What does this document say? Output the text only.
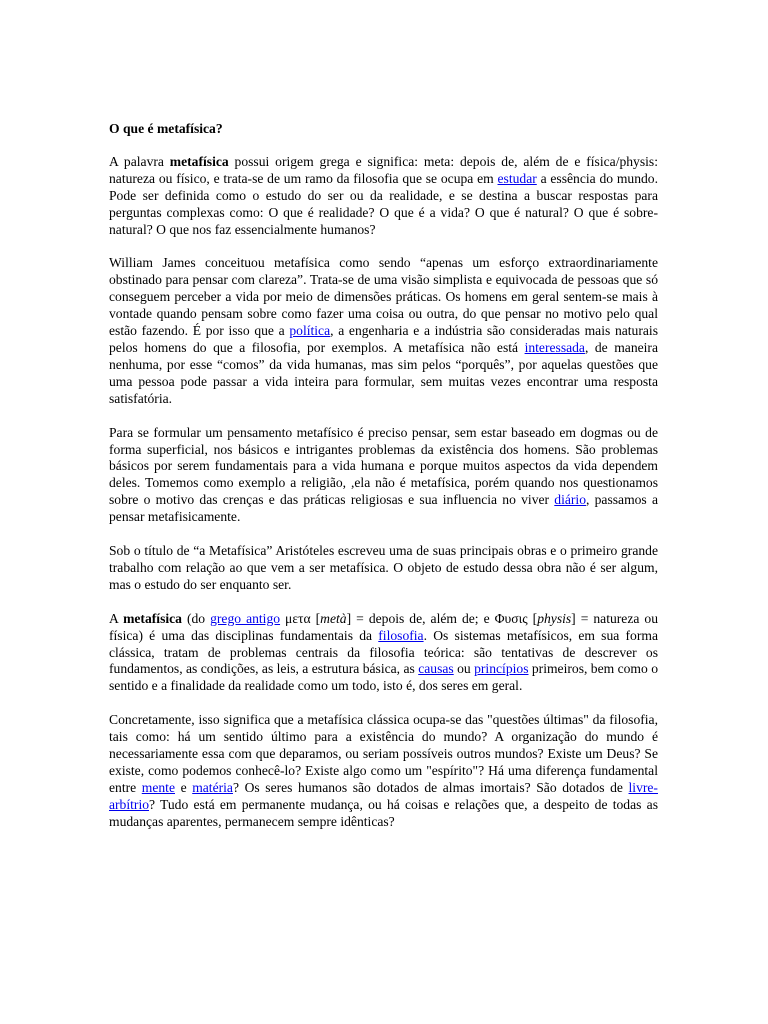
O que é metafísica?
A palavra metafísica possui origem grega e significa: meta: depois de, além de e física/physis: natureza ou físico, e trata-se de um ramo da filosofia que se ocupa em estudar a essência do mundo. Pode ser definida como o estudo do ser ou da realidade, e se destina a buscar respostas para perguntas complexas como: O que é realidade? O que é a vida? O que é natural? O que é sobre-natural? O que nos faz essencialmente humanos?
William James conceituou metafísica como sendo “apenas um esforço extraordinariamente obstinado para pensar com clareza”. Trata-se de uma visão simplista e equivocada de pessoas que só conseguem perceber a vida por meio de dimensões práticas. Os homens em geral sentem-se mais à vontade quando pensam sobre como fazer uma coisa ou outra, do que pensar no motivo pelo qual estão fazendo. É por isso que a política, a engenharia e a indústria são consideradas mais naturais pelos homens do que a filosofia, por exemplos. A metafísica não está interessada, de maneira nenhuma, por esse “comos” da vida humanas, mas sim pelos “porquês”, por aquelas questões que uma pessoa pode passar a vida inteira para formular, sem muitas vezes encontrar uma resposta satisfatória.
Para se formular um pensamento metafísico é preciso pensar, sem estar baseado em dogmas ou de forma superficial, nos básicos e intrigantes problemas da existência dos homens. São problemas básicos por serem fundamentais para a vida humana e porque muitos aspectos da vida dependem deles. Tomemos como exemplo a religião, ,ela não é metafísica, porém quando nos questionamos sobre o motivo das crenças e das práticas religiosas e sua influencia no viver diário, passamos a pensar metafisicamente.
Sob o título de “a Metafísica” Aristóteles escreveu uma de suas principais obras e o primeiro grande trabalho com relação ao que vem a ser metafísica. O objeto de estudo dessa obra não é ser algum, mas o estudo do ser enquanto ser.
A metafísica (do grego antigo μετα [metà] = depois de, além de; e Φυσις [physis] = natureza ou física) é uma das disciplinas fundamentais da filosofia. Os sistemas metafísicos, em sua forma clássica, tratam de problemas centrais da filosofia teórica: são tentativas de descrever os fundamentos, as condições, as leis, a estrutura básica, as causas ou princípios primeiros, bem como o sentido e a finalidade da realidade como um todo, isto é, dos seres em geral.
Concretamente, isso significa que a metafísica clássica ocupa-se das "questões últimas" da filosofia, tais como: há um sentido último para a existência do mundo? A organização do mundo é necessariamente essa com que deparamos, ou seriam possíveis outros mundos? Existe um Deus? Se existe, como podemos conhecê-lo? Existe algo como um "espírito"? Há uma diferença fundamental entre mente e matéria? Os seres humanos são dotados de almas imortais? São dotados de livre-arbítrio? Tudo está em permanente mudança, ou há coisas e relações que, a despeito de todas as mudanças aparentes, permanecem sempre idênticas?
